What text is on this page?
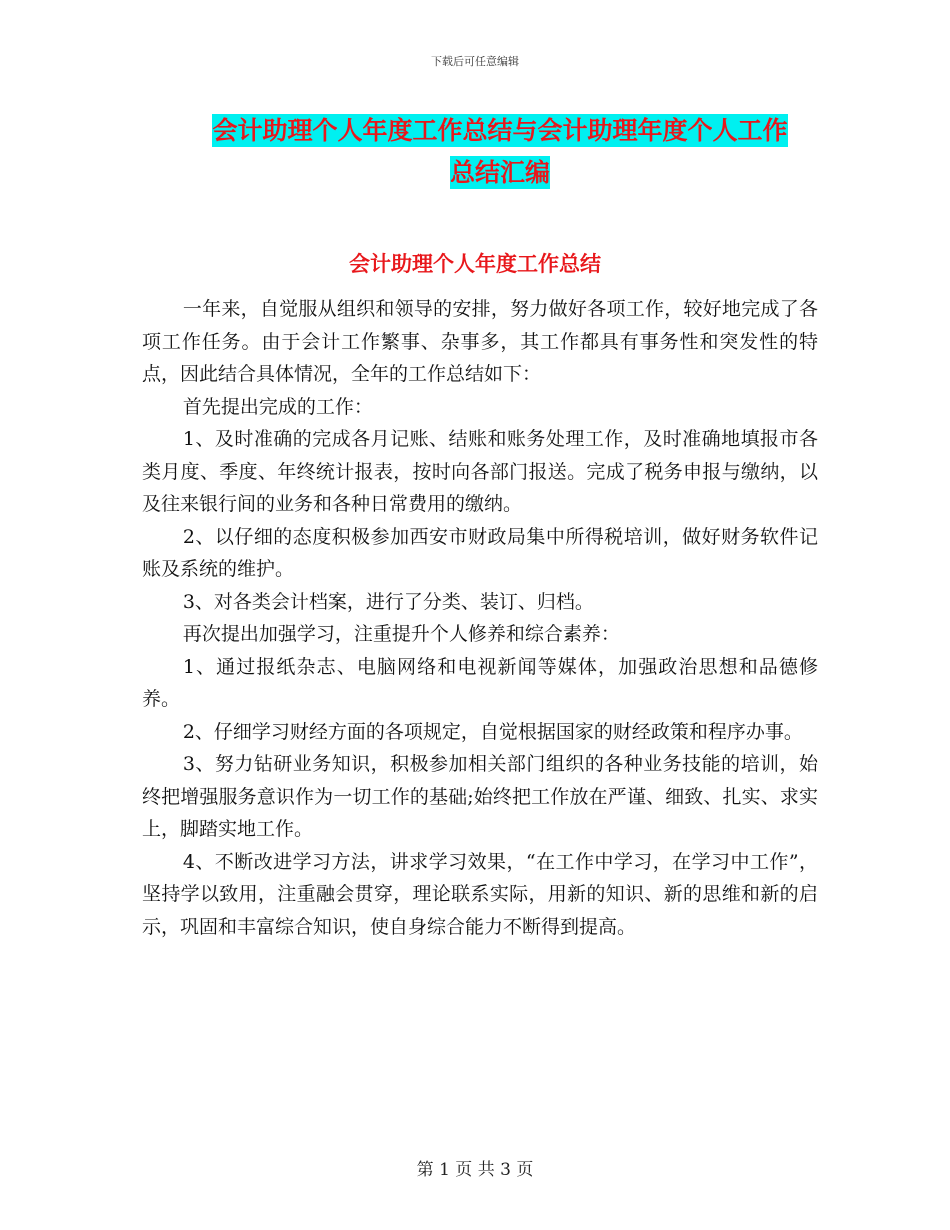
下载后可任意编辑
会计助理个人年度工作总结与会计助理年度个人工作
总结汇编
会计助理个人年度工作总结

一年来，自觉服从组织和领导的安排，努力做好各项工作，较好地完成了各项工作任务。由于会计工作繁事、杂事多，其工作都具有事务性和突发性的特点，因此结合具体情况，全年的工作总结如下：

首先提出完成的工作：

1、及时准确的完成各月记账、结账和账务处理工作，及时准确地填报市各类月度、季度、年终统计报表，按时向各部门报送。完成了税务申报与缴纳，以及往来银行间的业务和各种日常费用的缴纳。

2、以仔细的态度积极参加西安市财政局集中所得税培训，做好财务软件记账及系统的维护。

3、对各类会计档案，进行了分类、装订、归档。

再次提出加强学习，注重提升个人修养和综合素养：

1、通过报纸杂志、电脑网络和电视新闻等媒体，加强政治思想和品德修养。

2、仔细学习财经方面的各项规定，自觉根据国家的财经政策和程序办事。

3、努力钻研业务知识，积极参加相关部门组织的各种业务技能的培训，始终把增强服务意识作为一切工作的基础;始终把工作放在严谨、细致、扎实、求实上，脚踏实地工作。

4、不断改进学习方法，讲求学习效果，“在工作中学习，在学习中工作”，坚持学以致用，注重融会贯穿，理论联系实际，用新的知识、新的思维和新的启示，巩固和丰富综合知识，使自身综合能力不断得到提高。

第 1 页 共 3 页
